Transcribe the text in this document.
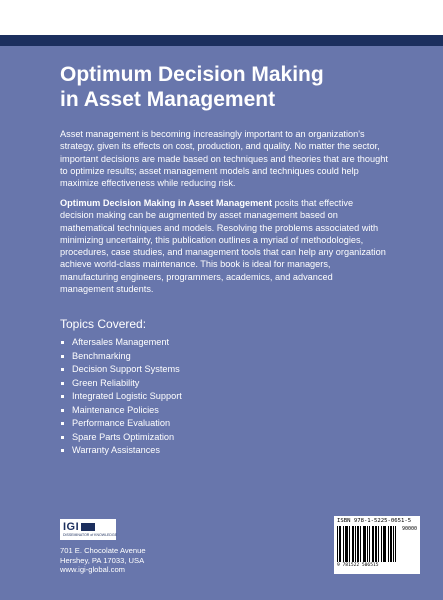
Optimum Decision Making
in Asset Management

Asset management is becoming increasingly important to an organization's strategy, given its effects on cost, production, and quality. No matter the sector, important decisions are made based on techniques and theories that are thought to optimize results; asset management models and techniques could help maximize effectiveness while reducing risk.

Optimum Decision Making in Asset Management posits that effective decision making can be augmented by asset management based on mathematical techniques and models. Resolving the problems associated with minimizing uncertainty, this publication outlines a myriad of methodologies, procedures, case studies, and management tools that can help any organization achieve world-class maintenance. This book is ideal for managers, manufacturing engineers, programmers, academics, and advanced management students.

Topics Covered:
Aftersales Management
Benchmarking
Decision Support Systems
Green Reliability
Integrated Logistic Support
Maintenance Policies
Performance Evaluation
Spare Parts Optimization
Warranty Assistances
IGI
DISSEMINATOR of KNOWLEDGE

701 E. Chocolate Avenue
Hershey, PA 17033, USA
www.igi-global.com

ISBN 978-1-5225-0651-5
90000
9 781522 506515
